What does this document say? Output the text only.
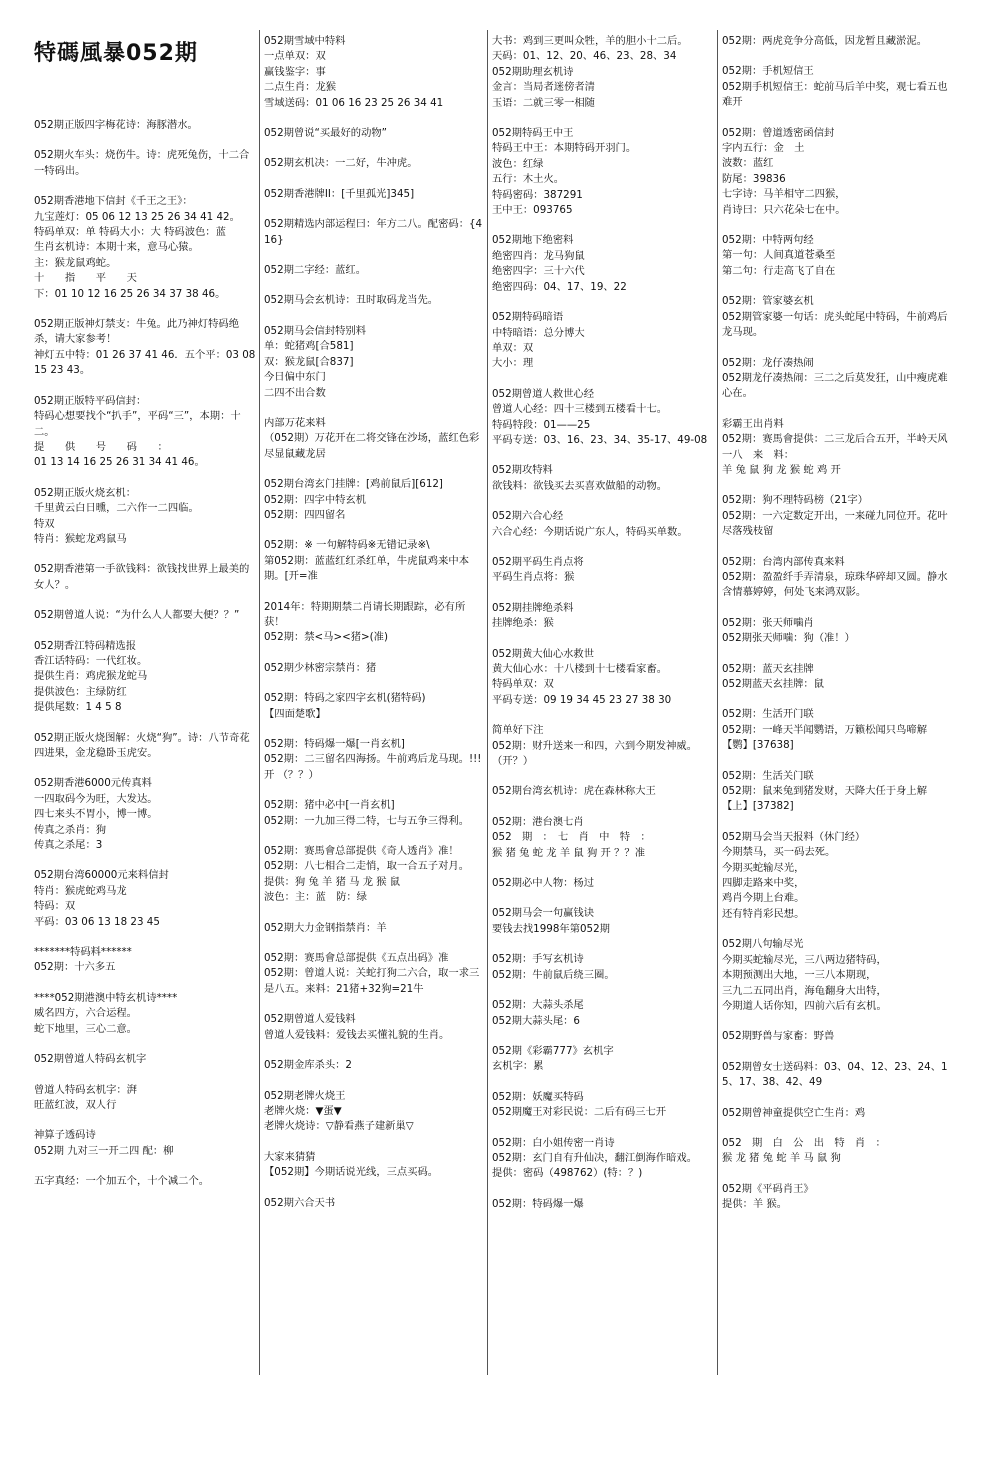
特碼風暴052期
052期正版四字梅花诗：海豚潜水。
052期火车头：烧伤牛。诗：虎死兔伤，十二合一特码出。
052期香港地下信封《千王之王》：
九宝莲灯：05 06 12 13 25 26 34 41 42。
特码单双：单 特码大小：大 特码波色：蓝
生肖玄机诗：本期十来，意马心猿。
主：猴龙鼠鸡蛇。
十　　指　　平　　天
下：01 10 12 16 25 26 34 37 38 46。
052期正版神灯禁支：牛兔。此乃神灯特码绝杀，请大家参考！
神灯五中特：01 26 37 41 46．五个平：03 08 15 23 43。
052期正版特平码信封：
特码心想要找个“扒手”，平码“三”，本期：十二。
提　　供　　号　　码　　：
01 13 14 16 25 26 31 34 41 46。
052期正版火烧玄机：
千里黄云白日曛，二六作一二四临。
特双
特肖：猴蛇龙鸡鼠马
052期香港第一手欲钱料：欲钱找世界上最美的女人？。
052期曾道人说：“为什么人人都要大便？？”
052期香江特码精选报
香江话特码：一代红妆。
提供生肖：鸡虎猴龙蛇马
提供波色：主绿防红
提供尾数：1 4 5 8
052期正版火烧图解：火烧“狗”。诗：八节奇花四进果，金龙稳卧玉虎安。
052期香港6000元传真料
一四取码今为旺，大发达。
四七来头不胃小，博一博。
传真之杀肖：狗
传真之杀尾：3
052期台湾60000元来料信封
特肖：猴虎蛇鸡马龙
特码：双
平码：03 06 13 18 23 45
*******特码料******
052期：十六多五
****052期港澳中特玄机诗****
威名四方，六合运程。
蛇下地里，三心二意。
052期曾道人特码玄机字
曾道人特码玄机字：湃
旺蓝红波，双人行
神算子透码诗
052期 九对三一开二四 配：柳
五字真经：一个加五个，十个减二个。
052期雪域中特料
一点单双：双
赢钱鉴字：事
二点生肖：龙猴
雪域送码：01 06 16 23 25 26 34 41
052期曾说“买最好的动物”
052期玄机决：一二好，牛冲虎。
052期香港牌II：[千里孤光]345]
052期精选内部运程曰：年方二八。配密码：{416}
052期二字经：蓝红。
052期马会玄机诗：丑时取码龙当先。
052期马会信封特别料
单：蛇猪鸡[合581]
双：猴龙鼠[合837]
今日偏中东门
二四不出合数
内部万花来料
（052期）万花开在二将交锋在沙场，蓝红色彩尽显鼠藏龙居
052期台湾玄门挂牌：[鸡前鼠后][612]
052期：四字中特玄机
052期：四四留名
052期：※ 一句解特码※无错记录※\
第052期：蓝蓝红红杀红单，牛虎鼠鸡来中本期。[开=准
2014年：特期期禁二肖请长期跟踪，必有所获！
052期：禁<马><猪>(准)
052期少林密宗禁肖：猪
052期：特码之家四字玄机(猪特码)
【四面楚歌】
052期：特码爆一爆[一肖玄机]
052期：二三留名四海扬。牛前鸡后龙马现。!!! 开 （？？）
052期：猪中必中[一肖玄机]
052期：一九加三得二特，七与五争三得利。
052期：赛馬會总部提供《奇人透肖》准！
052期：八七相合二走悄，取一合五子对月。
提供：狗 兔 羊 猪 马 龙 猴 鼠
波色：主：蓝　防：绿
052期大力金钢指禁肖：羊
052期：赛馬會总部提供《五点出码》准
052期：曾道人说：关蛇打狗二六合，取一求三是八五。来料：21猪+32狗=21牛
052期曾道人爱钱料
曾道人爱钱料：爱钱去买懂礼貌的生肖。
052期金库杀头：2
052期老牌火烧王
老牌火烧：▼蛋▼
老牌火烧诗：▽静看燕子建新巢▽
大家来猜猜
【052期】今期话说光线，三点买码。
052期六合天书
大书：鸡到三更叫众牲，羊的胆小十二后。
天码：01、12、20、46、23、28、34
052期助理玄机诗
金言：当局者迷傍者清
玉语：二就三零一相随
052期特码王中王
特码王中王：本期特码开羽门。
波色：红绿
五行：木土火。
特码密码：387291
王中王：093765
052期地下绝密料
绝密四肖：龙马狗鼠
绝密四字：三十六代
绝密四码：04、17、19、22
052期特码暗语
中特暗语：总分博大
单双：双
大小：理
052期曾道人救世心经
曾道人心经：四十三楼到五楼看十七。
特码特段：01——25
平码专送：03、16、23、34、35-17、49-08
052期攻特料
欲钱料：欲钱买去买喜欢做船的动物。
052期六合心经
六合心经：今期话说广东人，特码买单数。
052期平码生肖点将
平码生肖点将：猴
052期挂牌绝杀料
挂牌绝杀：猴
052期黄大仙心水救世
黄大仙心水：十八楼到十七楼看家畜。
特码单双：双
平码专送：09 19 34 45 23 27 38 30
简单好下注
052期：财升送来一和四，六到今期发神威。（开？）
052期台湾玄机诗：虎在森林称大王
052期：港台澳七肖
052　期　：　七　肖　中　特　：
猴 猪 兔 蛇 龙 羊 鼠 狗 开 ？？准
052期必中人物：杨过
052期马会一句赢钱诀
要钱去找1998年第052期
052期：手写玄机诗
052期：牛前鼠后绕三圈。
052期：大蒜头杀尾
052期大蒜头尾：6
052期《彩霸777》玄机字
玄机字：累
052期：妖魔买特码
052期魔王对彩民说：二后有码三七开
052期：白小姐传密一肖诗
052期：玄门自有升仙决，翻江倒海作暗戏。
提供：密码（498762）(特：？)
052期：特码爆一爆
052期：两虎竞争分高低，因龙暂且藏淤泥。
052期：手机短信王
052期手机短信王：蛇前马后羊中奖，观七看五也难开
052期：曾道透密函信封
字内五行：金　土
波数：蓝红
防尾：39836
七字诗：马羊相守二四猴，
肖诗曰：只六花朵七在中。
052期：中特两句经
第一句：人间真道苍桑至
第二句：行走高飞了自在
052期：管家婆玄机
052期管家婆一句话：虎头蛇尾中特码，牛前鸡后龙马现。
052期：龙仔凑热闹
052期龙仔凑热闹：三二之后莫发狂，山中瘦虎难心在。
彩霸王出肖料
052期：赛馬會提供：二三龙后合五开，半岭天风一八　来　料：
羊 兔 鼠 狗 龙 猴 蛇 鸡 开
052期：狗不理特码榜（21字）
052期：一六定数定开出，一来碰九同位开。花叶尽落残枝留
052期：台湾内部传真来料
052期：盈盈纤手弄清泉，琼珠华碎却又圆。静水含情慕婷婷，何处飞来鸿双影。
052期：张天师噛肖
052期张天师噛：狗（准！）
052期：蓝天玄挂牌
052期蓝天玄挂牌：鼠
052期：生活开门联
052期：一峰天半闻鹦语，万籁松闻只鸟啼解【鹦】[37638]
052期：生活关门联
052期：鼠来兔到猪发财，天降大任于身上解【上】[37382]
052期马会当天报料（休门经）
今期禁马，买一码去死。
今期买蛇输尽光，
四脚走路来中奖，
鸡肖今期上台难。
还有特肖彩民想。
052期八句输尽光
今期买蛇输尽光，三八两边猪特码，
本期预测出大地，一三八本期现，
三九二五同出肖，海龟翻身大出特，
今期道人话你知，四前六后有玄机。
052期野兽与家畜：野兽
052期曾女士送码料：03、04、12、23、24、15、17、38、42、49
052期曾神童提供空亡生肖：鸡
052　期　白　公　出　特　肖　：
猴 龙 猪 兔 蛇 羊 马 鼠 狗
052期《平码肖王》
提供：羊 猴。
